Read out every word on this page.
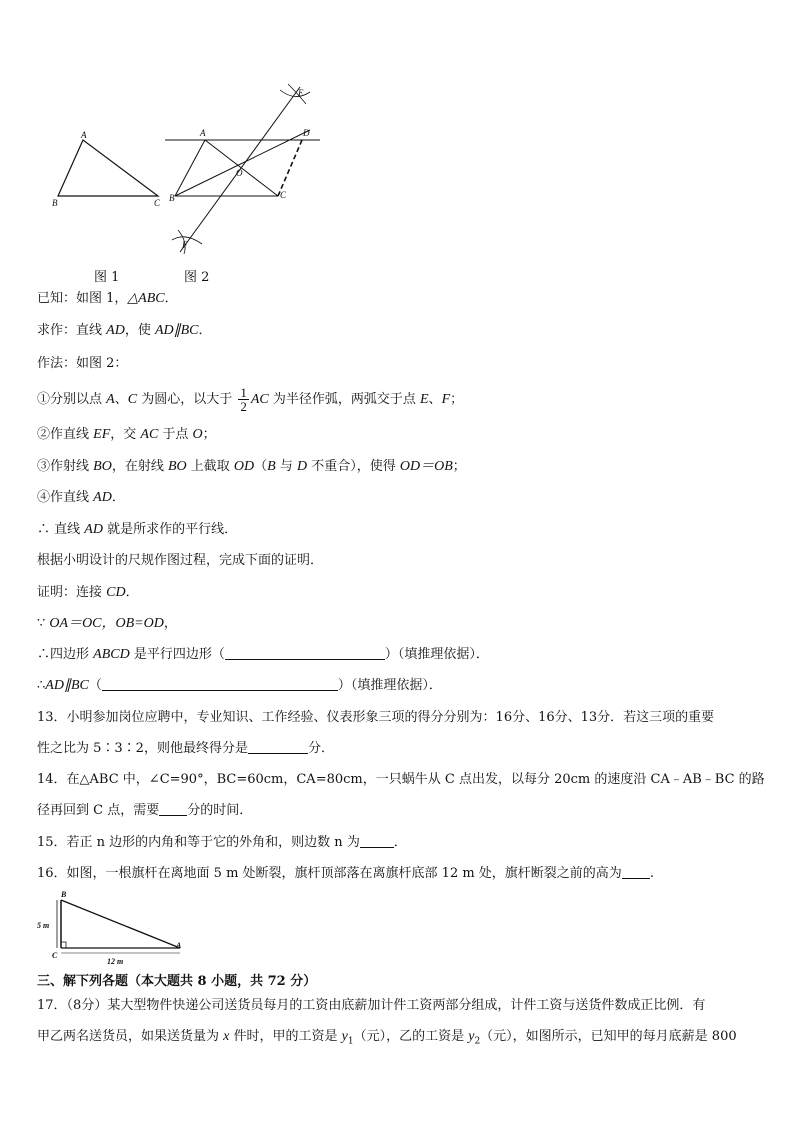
A
B	C
图 1
E
A	D
O
B	C
F
图 2
已知：如图 1，△ABC．
求作：直线 AD，使 AD∥BC．
作法：如图 2：
①分别以点 A、C 为圆心，以大于 $\frac{1}{2}$ AC 为半径作弧，两弧交于点 E、F；
②作直线 EF，交 AC 于点 O；
③作射线 BO，在射线 BO 上截取 OD（B 与 D 不重合），使得 OD＝OB；
④作直线 AD．
∴ 直线 AD 就是所求作的平行线．
根据小明设计的尺规作图过程，完成下面的证明．
证明：连接 CD．
∵ OA＝OC，OB=OD，
∴四边形 ABCD 是平行四边形（	）（填推理依据）．
∴AD∥BC（	）（填推理依据）．
13．小明参加岗位应聘中，专业知识、工作经验、仪表形象三项的得分分别为：16分、16分、13分．若这三项的重要
性之比为 5∶3∶2，则他最终得分是	分．
14．在△ABC 中，∠C=90°，BC=60cm，CA=80cm，一只蜗牛从 C 点出发，以每分 20cm 的速度沿 CA﹣AB﹣BC 的路
径再回到 C 点，需要 分的时间．
15．若正 n 边形的内角和等于它的外角和，则边数 n 为	．
16．如图，一根旗杆在离地面 5 m 处断裂，旗杆顶部落在离旗杆底部 12 m 处，旗杆断裂之前的高为 .
B
5 m
C
A
12 m
三、解下列各题（本大题共 8 小题，共 72 分）
17．（8分）某大型物件快递公司送货员每月的工资由底薪加计件工资两部分组成，计件工资与送货件数成正比例．有
甲乙两名送货员，如果送货量为 x 件时，甲的工资是 $y_1$（元），乙的工资是 $y_2$（元），如图所示，已知甲的每月底薪是 800
